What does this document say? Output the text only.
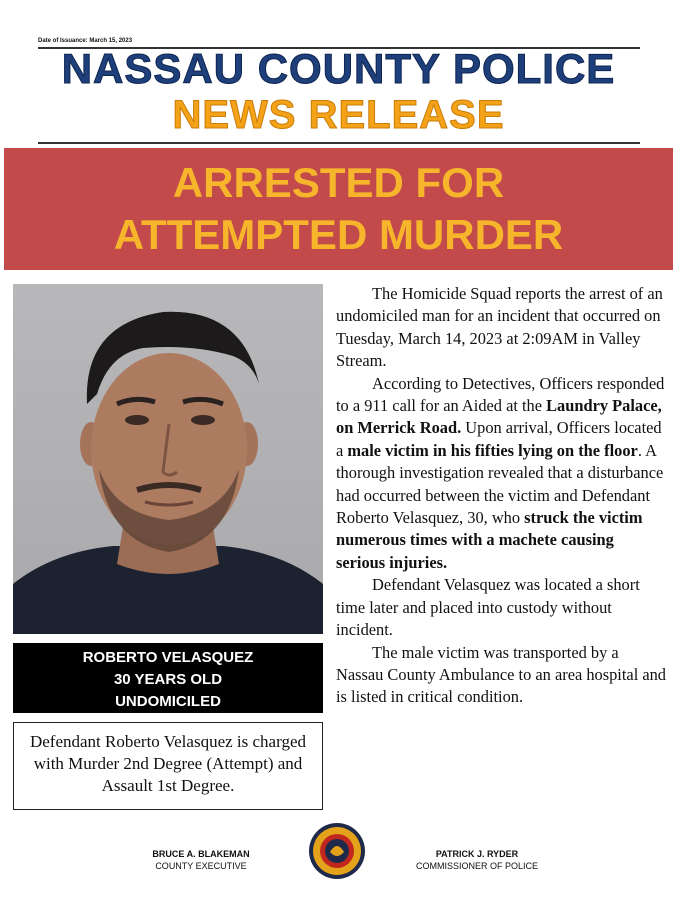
Date of Issuance: March 15, 2023
NASSAU COUNTY POLICE
NEWS RELEASE
ARRESTED FOR
ATTEMPTED MURDER
ROBERTO VELASQUEZ
30 YEARS OLD
UNDOMICILED
Defendant Roberto Velasquez is charged with Murder 2nd Degree (Attempt) and Assault 1st Degree.

The Homicide Squad reports the arrest of an undomiciled man for an incident that occurred on Tuesday, March 14, 2023 at 2:09AM in Valley Stream.

According to Detectives, Officers responded to a 911 call for an Aided at the Laundry Palace, on Merrick Road. Upon arrival, Officers located a male victim in his fifties lying on the floor. A thorough investigation revealed that a disturbance had occurred between the victim and Defendant Roberto Velasquez, 30, who struck the victim numerous times with a machete causing serious injuries.

Defendant Velasquez was located a short time later and placed into custody without incident.

The male victim was transported by a Nassau County Ambulance to an area hospital and is listed in critical condition.

BRUCE A. BLAKEMAN
COUNTY EXECUTIVE
PATRICK J. RYDER
COMMISSIONER OF POLICE
